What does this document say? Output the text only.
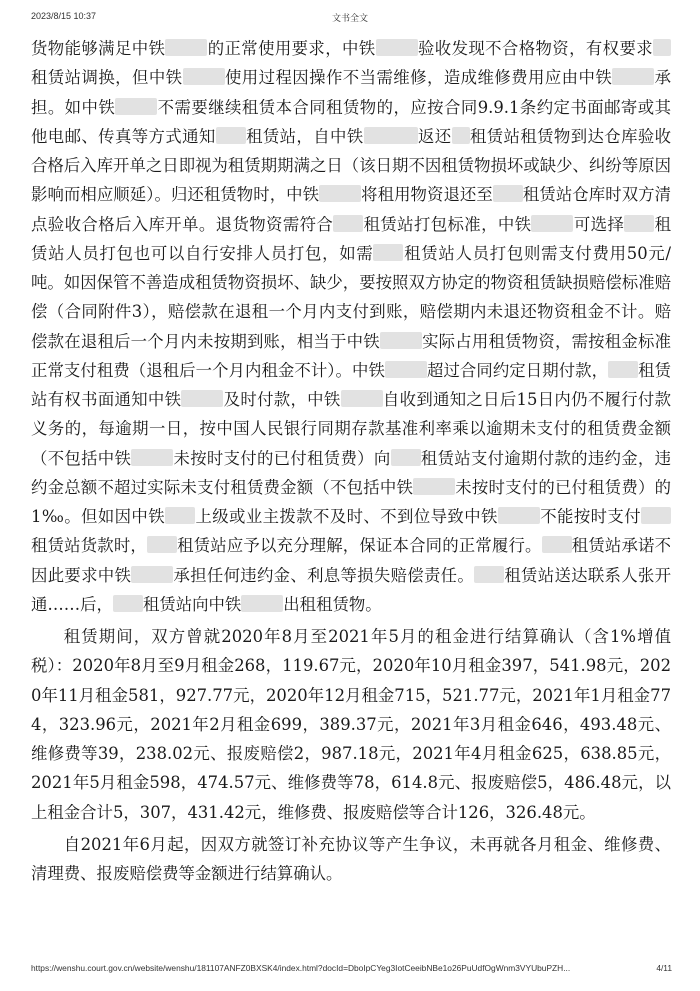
2023/8/15 10:37	文书全文

货物能够满足中铁	的正常使用要求，中铁	验收发现不合格物资，有权要求租赁站调换，但中铁	使用过程因操作不当需维修，造成维修费用应由中铁	承担。如中铁	不需要继续租赁本合同租赁物的，应按合同9.9.1条约定书面邮寄或其他电邮、传真等方式通知 租赁站，自中铁	返还 租赁站租赁物到达仓库验收合格后入库开单之日即视为租赁期期满之日（该日期不因租赁物损坏或缺少、纠纷等原因影响而相应顺延）。归还租赁物时，中铁	将租用物资退还至 租赁站仓库时双方清点验收合格后入库开单。退货物资需符合 租赁站打包标准，中铁	可选择 租赁站人员打包也可以自行安排人员打包，如需 租赁站人员打包则需支付费用50元/吨。如因保管不善造成租赁物资损坏、缺少，要按照双方协定的物资租赁缺损赔偿标准赔偿（合同附件3），赔偿款在退租一个月内支付到账，赔偿期内未退还物资租金不计。赔偿款在退租后一个月内未按期到账，相当于中铁	实际占用租赁物资，需按租金标准正常支付租费（退租后一个月内租金不计）。中铁	超过合同约定日期付款， 租赁站有权书面通知中铁	及时付款，中铁	自收到通知之日后15日内仍不履行付款义务的，每逾期一日，按中国人民银行同期存款基准利率乘以逾期未支付的租赁费金额（不包括中铁	未按时支付的已付租赁费）向 租赁站支付逾期付款的违约金，违约金总额不超过实际未支付租赁费金额（不包括中铁	未按时支付的已付租赁费）的1‰。但如因中铁 上级或业主拨款不及时、不到位导致中铁	不能按时支付租赁站货款时， 租赁站应予以充分理解，保证本合同的正常履行。 租赁站承诺不因此要求中铁	承担任何违约金、利息等损失赔偿责任。 租赁站送达联系人张开通……后， 租赁站向中铁	出租租赁物。

租赁期间，双方曾就2020年8月至2021年5月的租金进行结算确认（含1%增值税）：2020年8月至9月租金268，119.67元，2020年10月租金397，541.98元，2020年11月租金581，927.77元，2020年12月租金715，521.77元，2021年1月租金774，323.96元，2021年2月租金699，389.37元，2021年3月租金646，493.48元、维修费等39，238.02元、报废赔偿2，987.18元，2021年4月租金625，638.85元，2021年5月租金598，474.57元、维修费等78，614.8元、报废赔偿5，486.48元，以上租金合计5，307，431.42元，维修费、报废赔偿等合计126，326.48元。

自2021年6月起，因双方就签订补充协议等产生争议，未再就各月租金、维修费、清理费、报废赔偿费等金额进行结算确认。

https://wenshu.court.gov.cn/website/wenshu/181107ANFZ0BXSK4/index.html?docId=DboIpCYeg3IotCeeibNBe1o26PuUdfOgWnm3VYUbuPZH...	4/11
